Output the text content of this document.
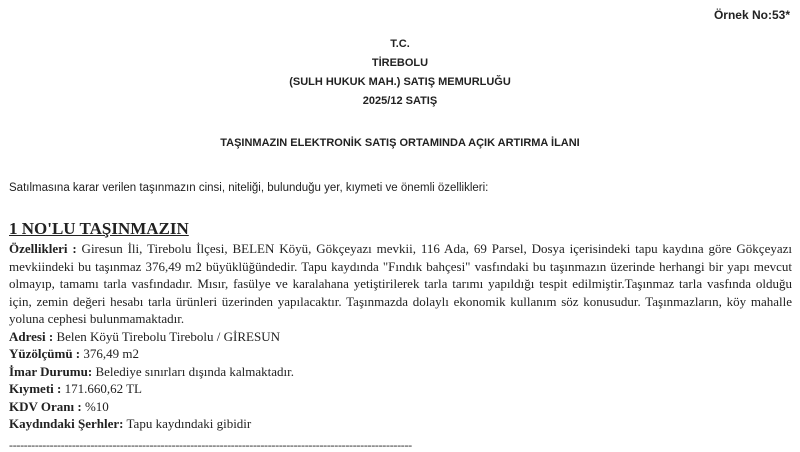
Örnek No:53*
T.C.
TİREBOLU
(SULH HUKUK MAH.) SATIŞ MEMURLUĞU
2025/12 SATIŞ
TAŞINMAZIN ELEKTRONİK SATIŞ ORTAMINDA AÇIK ARTIRMA İLANI
Satılmasına karar verilen taşınmazın cinsi, niteliği, bulunduğu yer, kıymeti ve önemli özellikleri:
1 NO'LU TAŞINMAZIN
Özellikleri : Giresun İli, Tirebolu İlçesi, BELEN Köyü, Gökçeyazı mevkii, 116 Ada, 69 Parsel, Dosya içerisindeki tapu kaydına göre Gökçeyazı mevkiindeki bu taşınmaz 376,49 m2 büyüklüğündedir. Tapu kaydında "Fındık bahçesi" vasfındaki bu taşınmazın üzerinde herhangi bir yapı mevcut olmayıp, tamamı tarla vasfındadır. Mısır, fasülye ve karalahana yetiştirilerek tarla tarımı yapıldığı tespit edilmiştir.Taşınmaz tarla vasfında olduğu için, zemin değeri hesabı tarla ürünleri üzerinden yapılacaktır. Taşınmazda dolaylı ekonomik kullanım söz konusudur. Taşınmazların, köy mahalle yoluna cephesi bulunmamaktadır.
Adresi : Belen Köyü Tirebolu Tirebolu / GİRESUN
Yüzölçümü : 376,49 m2
İmar Durumu: Belediye sınırları dışında kalmaktadır.
Kıymeti : 171.660,62 TL
KDV Oranı : %10
Kaydındaki Şerhler: Tapu kaydındaki gibidir
-------------------------------------------------------------------------------------------------------------
